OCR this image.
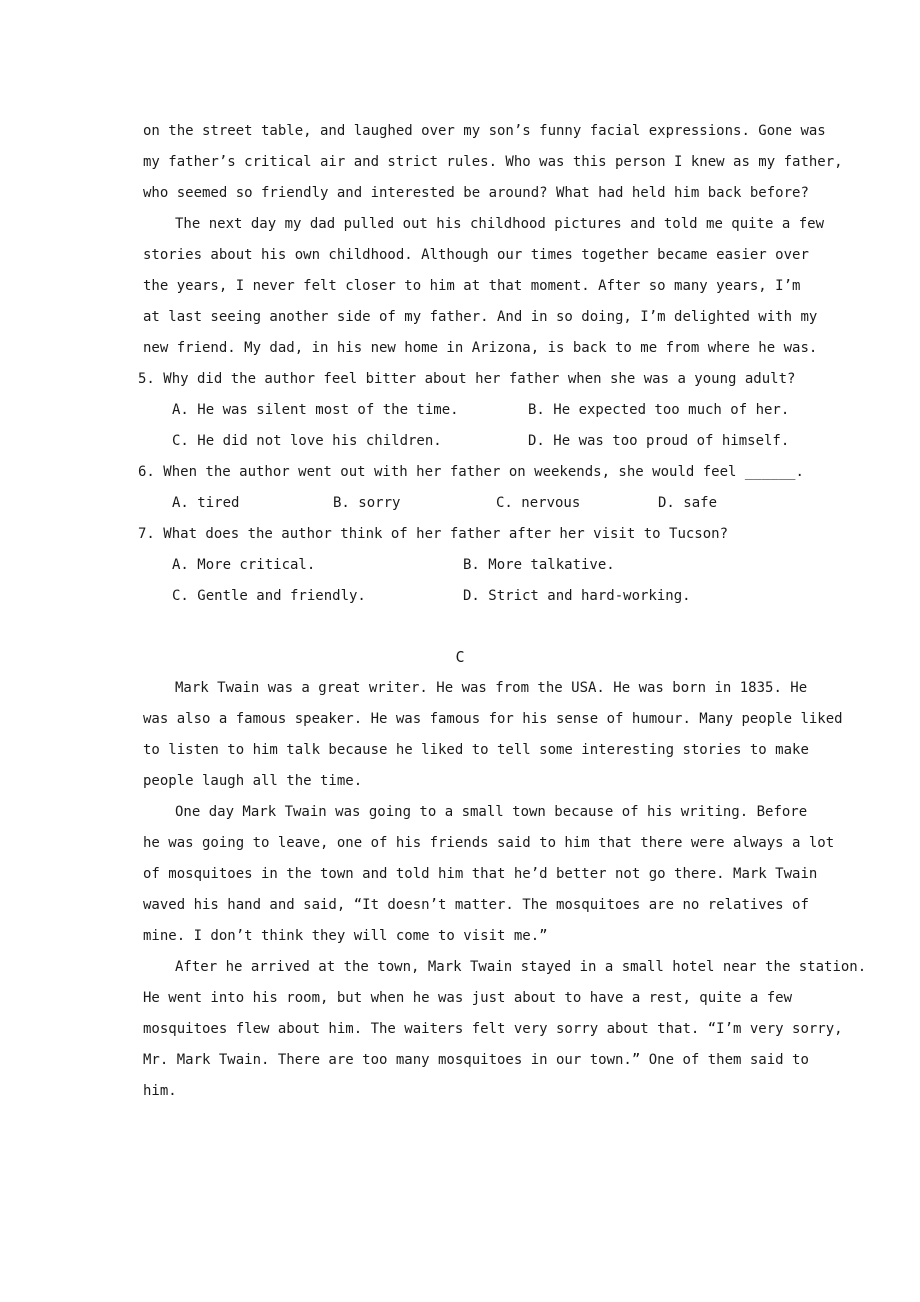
on the street table, and laughed over my son’s funny facial expressions. Gone was
my father’s critical air and strict rules. Who was this person I knew as my father,
who seemed so friendly and interested be around? What had held him back before?
The next day my dad pulled out his childhood pictures and told me quite a few
stories about his own childhood. Although our times together became easier over
the years, I never felt closer to him at that moment. After so many years, I’m
at last seeing another side of my father. And in so doing, I’m delighted with my
new friend. My dad, in his new home in Arizona, is back to me from where he was.
5. Why did the author feel bitter about her father when she was a young adult?
A. He was silent most of the time.	B. He expected too much of her.
C. He did not love his children.	D. He was too proud of himself.
6. When the author went out with her father on weekends, she would feel ______.
A. tired	B. sorry	C. nervous	D. safe
7. What does the author think of her father after her visit to Tucson?
A. More critical.	B. More talkative.
C. Gentle and friendly.	D. Strict and hard-working.
C
Mark Twain was a great writer. He was from the USA. He was born in 1835. He
was also a famous speaker. He was famous for his sense of humour. Many people liked
to listen to him talk because he liked to tell some interesting stories to make
people laugh all the time.
One day Mark Twain was going to a small town because of his writing. Before
he was going to leave, one of his friends said to him that there were always a lot
of mosquitoes in the town and told him that he’d better not go there. Mark Twain
waved his hand and said, “It doesn’t matter. The mosquitoes are no relatives of
mine. I don’t think they will come to visit me.”
After he arrived at the town, Mark Twain stayed in a small hotel near the station.
He went into his room, but when he was just about to have a rest, quite a few
mosquitoes flew about him. The waiters felt very sorry about that. “I’m very sorry,
Mr. Mark Twain. There are too many mosquitoes in our town.” One of them said to
him.
